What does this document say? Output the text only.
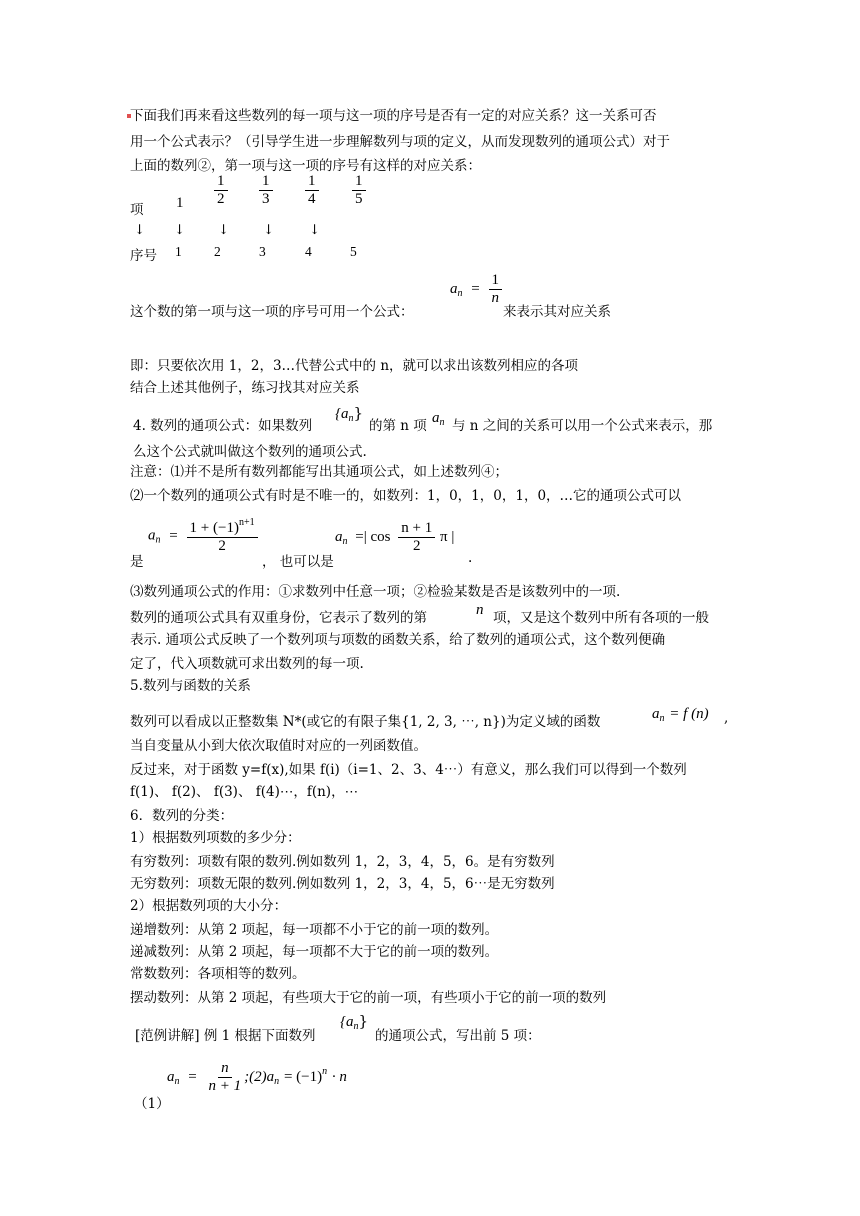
下面我们再来看这些数列的每一项与这一项的序号是否有一定的对应关系？这一关系可否
用一个公式表示？（引导学生进一步理解数列与项的定义，从而发现数列的通项公式）对于
上面的数列②，第一项与这一项的序号有这样的对应关系：
项 $1 \frac{1}{2} \frac{1}{3} \frac{1}{4} \frac{1}{5}$
↓ ↓ ↓ ↓	↓
序号 1 2	3	4	5
这个数的第一项与这一项的序号可用一个公式：
$a_n = \frac{1}{n}$
来表示其对应关系
即：只要依次用 1，2，3…代替公式中的 n，就可以求出该数列相应的各项
结合上述其他例子，练习找其对应关系
4. 数列的通项公式：如果数列
$\{a_n\}$
的第 n 项 $a_n$ 与 n 之间的关系可以用一个公式来表示，那
么这个公式就叫做这个数列的通项公式.
注意：⑴并不是所有数列都能写出其通项公式，如上述数列④；
⑵一个数列的通项公式有时是不唯一的，如数列：1，0，1，0，1，0，…它的通项公式可以
是
$a_n = \frac{1 + (-1)^{n+1}}{2}$
， 也可以是
$a_n$ =| $\cos \frac{n + 1}{2}$ π |
.
⑶数列通项公式的作用：①求数列中任意一项；②检验某数是否是该数列中的一项.
数列的通项公式具有双重身份，它表示了数列的第	n 项，又是这个数列中所有各项的一般
表示. 通项公式反映了一个数列项与项数的函数关系，给了数列的通项公式，这个数列便确
定了，代入项数就可求出数列的每一项.
5.数列与函数的关系
数列可以看成以正整数集 N*(或它的有限子集{1, 2, 3, ⋯, n})为定义域的函数	$a_n = f$ (n) ,
当自变量从小到大依次取值时对应的一列函数值。
反过来，对于函数 y=f(x),如果 f(i)（i=1、2、3、4⋯）有意义，那么我们可以得到一个数列
f(1)、 f(2)、 f(3)、 f(4)⋯，f(n)，⋯
6．数列的分类：
1）根据数列项数的多少分：
有穷数列：项数有限的数列.例如数列 1，2，3，4，5，6。是有穷数列
无穷数列：项数无限的数列.例如数列 1，2，3，4，5，6⋯是无穷数列
2）根据数列项的大小分：
递增数列：从第 2 项起，每一项都不小于它的前一项的数列。
递减数列：从第 2 项起，每一项都不大于它的前一项的数列。
常数数列：各项相等的数列。
摆动数列：从第 2 项起，有些项大于它的前一项，有些项小于它的前一项的数列
[范例讲解] 例 1 根据下面数列
$\{a_n\}$
的通项公式，写出前 5 项：
（1）
$a_n = \frac{n}{n + 1}$ $;(2)a_n = (-1)^n \cdot n$
